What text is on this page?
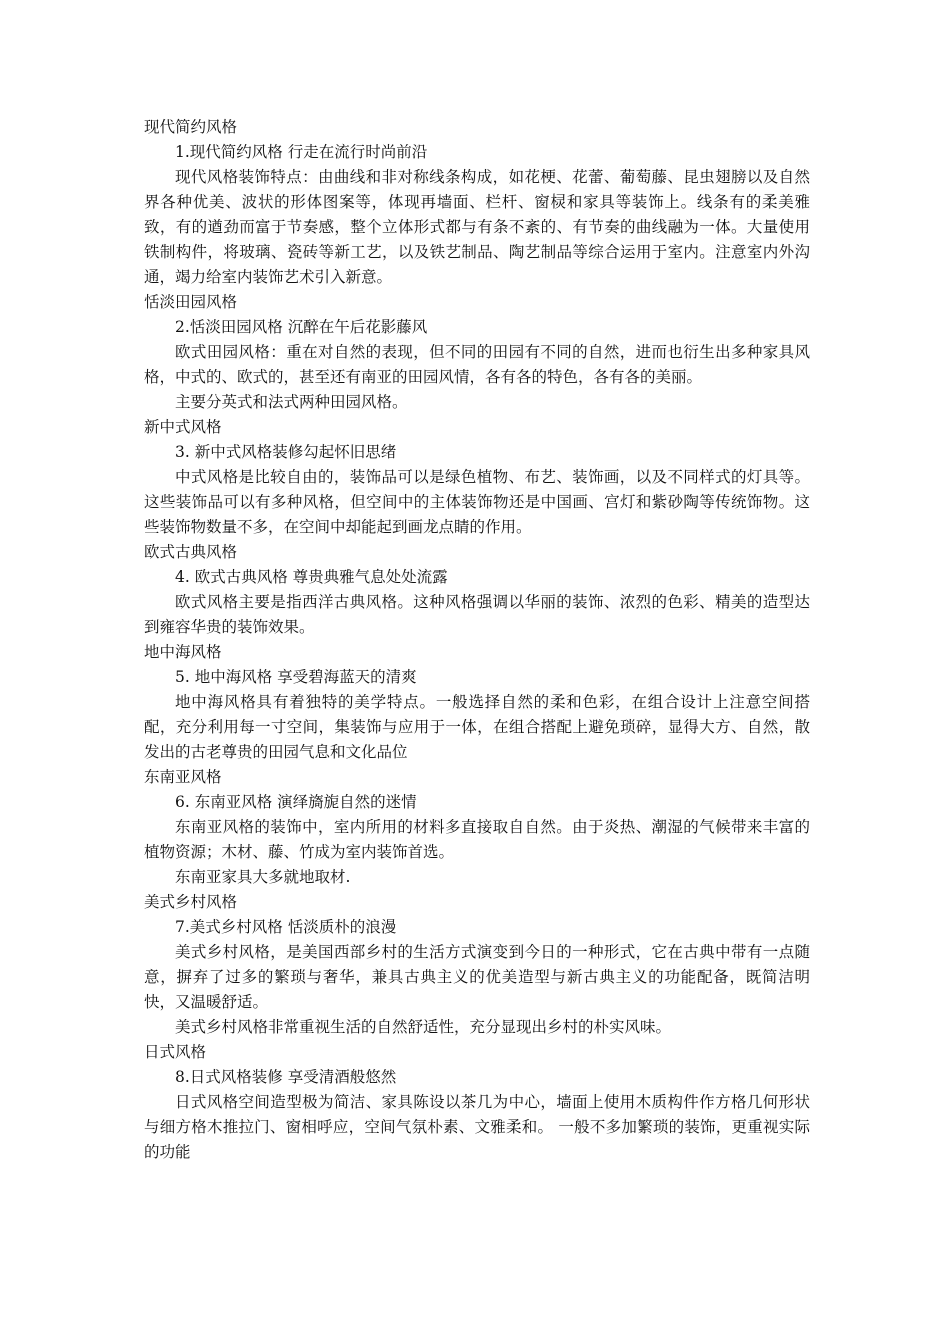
现代简约风格

1.现代简约风格 行走在流行时尚前沿

现代风格装饰特点：由曲线和非对称线条构成，如花梗、花蕾、葡萄藤、昆虫翅膀以及自然界各种优美、波状的形体图案等，体现再墙面、栏杆、窗棂和家具等装饰上。线条有的柔美雅致，有的遒劲而富于节奏感，整个立体形式都与有条不紊的、有节奏的曲线融为一体。大量使用铁制构件，将玻璃、瓷砖等新工艺，以及铁艺制品、陶艺制品等综合运用于室内。注意室内外沟通，竭力给室内装饰艺术引入新意。

恬淡田园风格

2.恬淡田园风格 沉醉在午后花影藤风

欧式田园风格：重在对自然的表现，但不同的田园有不同的自然，进而也衍生出多种家具风格，中式的、欧式的，甚至还有南亚的田园风情，各有各的特色，各有各的美丽。

主要分英式和法式两种田园风格。

新中式风格

3. 新中式风格装修勾起怀旧思绪

中式风格是比较自由的，装饰品可以是绿色植物、布艺、装饰画，以及不同样式的灯具等。这些装饰品可以有多种风格，但空间中的主体装饰物还是中国画、宫灯和紫砂陶等传统饰物。这些装饰物数量不多，在空间中却能起到画龙点睛的作用。

欧式古典风格

4. 欧式古典风格 尊贵典雅气息处处流露

欧式风格主要是指西洋古典风格。这种风格强调以华丽的装饰、浓烈的色彩、精美的造型达到雍容华贵的装饰效果。

地中海风格

5. 地中海风格 享受碧海蓝天的清爽

地中海风格具有着独特的美学特点。一般选择自然的柔和色彩，在组合设计上注意空间搭配，充分利用每一寸空间，集装饰与应用于一体，在组合搭配上避免琐碎，显得大方、自然，散发出的古老尊贵的田园气息和文化品位

东南亚风格

6. 东南亚风格 演绎旖旎自然的迷情

东南亚风格的装饰中，室内所用的材料多直接取自自然。由于炎热、潮湿的气候带来丰富的植物资源；木材、藤、竹成为室内装饰首选。

东南亚家具大多就地取材.

美式乡村风格

7.美式乡村风格 恬淡质朴的浪漫

美式乡村风格，是美国西部乡村的生活方式演变到今日的一种形式，它在古典中带有一点随意，摒弃了过多的繁琐与奢华，兼具古典主义的优美造型与新古典主义的功能配备，既简洁明快，又温暖舒适。

美式乡村风格非常重视生活的自然舒适性，充分显现出乡村的朴实风味。

日式风格

8.日式风格装修 享受清酒般悠然

日式风格空间造型极为简洁、家具陈设以茶几为中心，墙面上使用木质构件作方格几何形状与细方格木推拉门、窗相呼应，空间气氛朴素、文雅柔和。 一般不多加繁琐的装饰，更重视实际的功能
